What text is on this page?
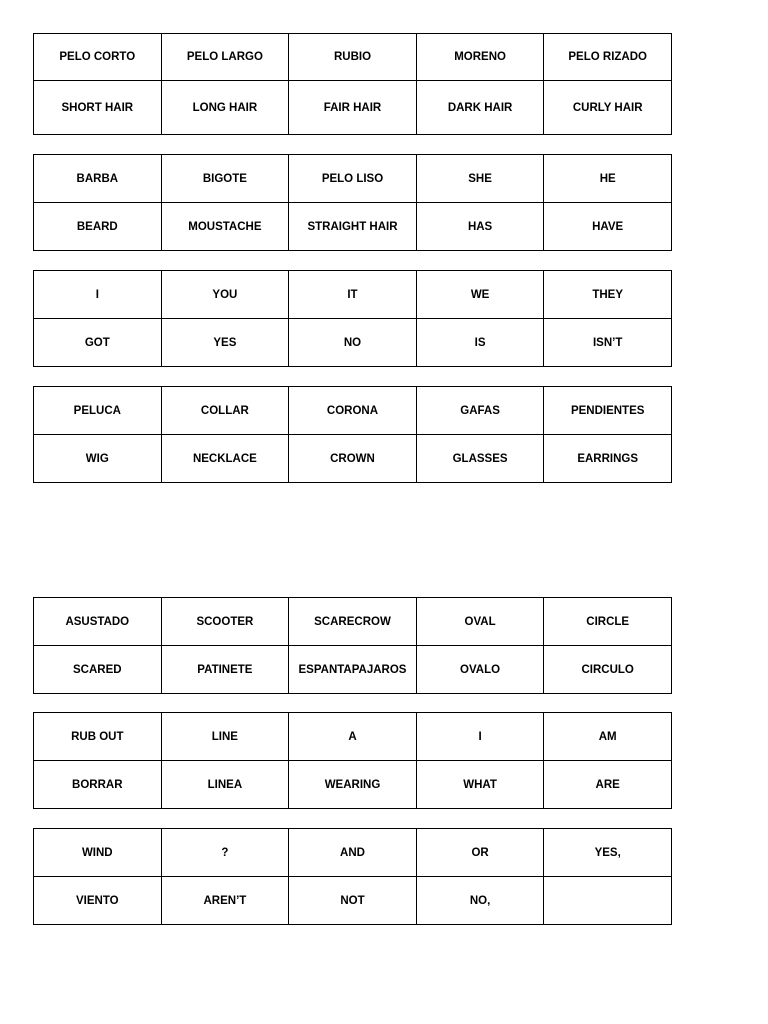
PELO CORTO	PELO LARGO	RUBIO	MORENO	PELO RIZADO
SHORT HAIR	LONG HAIR	FAIR HAIR	DARK HAIR	CURLY HAIR
BARBA	BIGOTE	PELO LISO	SHE	HE
BEARD	MOUSTACHE	STRAIGHT HAIR	HAS	HAVE
I	YOU	IT	WE	THEY
GOT	YES	NO	IS	ISN’T
PELUCA	COLLAR	CORONA	GAFAS	PENDIENTES
WIG	NECKLACE	CROWN	GLASSES	EARRINGS
ASUSTADO	SCOOTER	SCARECROW	OVAL	CIRCLE
SCARED	PATINETE	ESPANTAPAJAROS	OVALO	CIRCULO
RUB OUT	LINE	A	I	AM
BORRAR	LINEA	WEARING	WHAT	ARE
WIND	?	AND	OR	YES,
VIENTO	AREN’T	NOT	NO,	
